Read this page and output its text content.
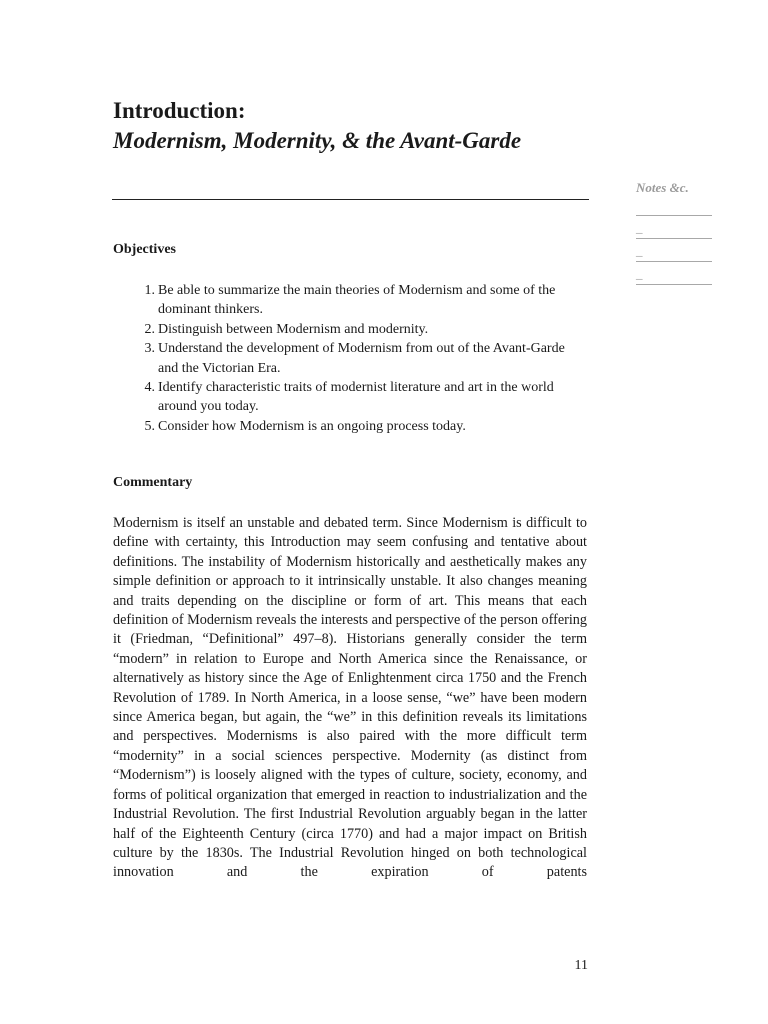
Introduction:

Modernism, Modernity, & the Avant-Garde

Notes &c.

_
_
_

Objectives

1. Be able to summarize the main theories of Modernism and some of the dominant thinkers.
2. Distinguish between Modernism and modernity.
3. Understand the development of Modernism from out of the Avant-Garde and the Victorian Era.
4. Identify characteristic traits of modernist literature and art in the world around you today.
5. Consider how Modernism is an ongoing process today.

Commentary

Modernism is itself an unstable and debated term. Since Modernism is difficult to define with certainty, this Introduction may seem confusing and tentative about definitions. The instability of Modernism historically and aesthetically makes any simple definition or approach to it intrinsically unstable. It also changes meaning and traits depending on the discipline or form of art. This means that each definition of Modernism reveals the interests and perspective of the person offering it (Friedman, “Definitional” 497–8). Historians generally consider the term “modern” in relation to Europe and North America since the Renaissance, or alternatively as history since the Age of Enlightenment circa 1750 and the French Revolution of 1789. In North America, in a loose sense, “we” have been modern since America began, but again, the “we” in this definition reveals its limitations and perspectives. Modernisms is also paired with the more difficult term “modernity” in a social sciences perspective. Modernity (as distinct from “Modernism”) is loosely aligned with the types of culture, society, economy, and forms of political organization that emerged in reaction to industrialization and the Industrial Revolution. The first Industrial Revolution arguably began in the latter half of the Eighteenth Century (circa 1770) and had a major impact on British culture by the 1830s. The Industrial Revolution hinged on both technological innovation and the expiration of patents

11
